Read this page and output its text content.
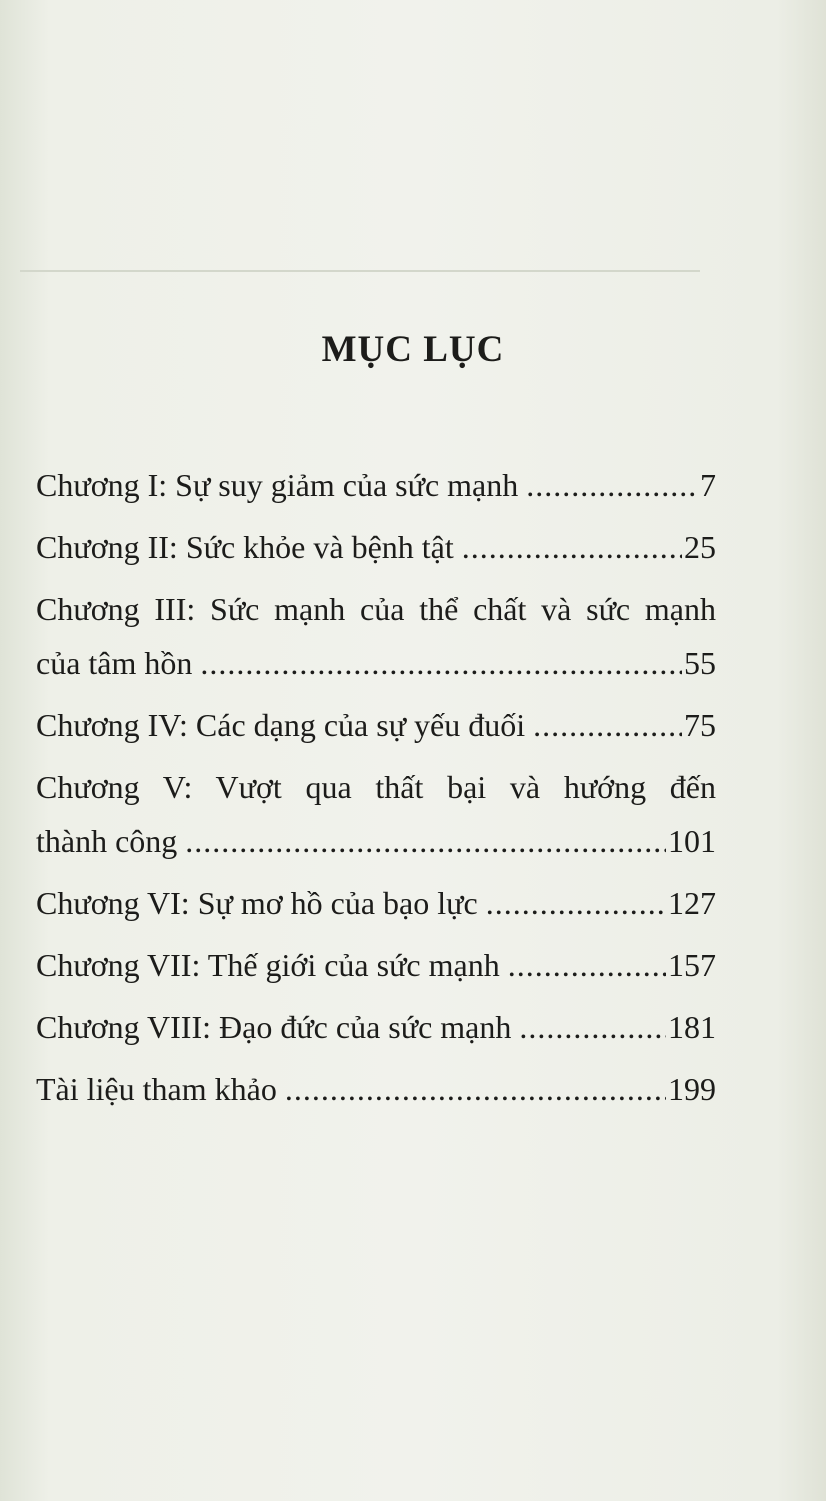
MỤC LỤC
Chương I: Sự suy giảm của sức mạnh .....	7
Chương II: Sức khỏe và bệnh tật .....	25
Chương III: Sức mạnh của thể chất và sức mạnh
của tâm hồn .....	55
Chương IV: Các dạng của sự yếu đuối .....	75
Chương V: Vượt qua thất bại và hướng đến
thành công .....	101
Chương VI: Sự mơ hồ của bạo lực .....	127
Chương VII: Thế giới của sức mạnh .....	157
Chương VIII: Đạo đức của sức mạnh .....	181
Tài liệu tham khảo .....	199
